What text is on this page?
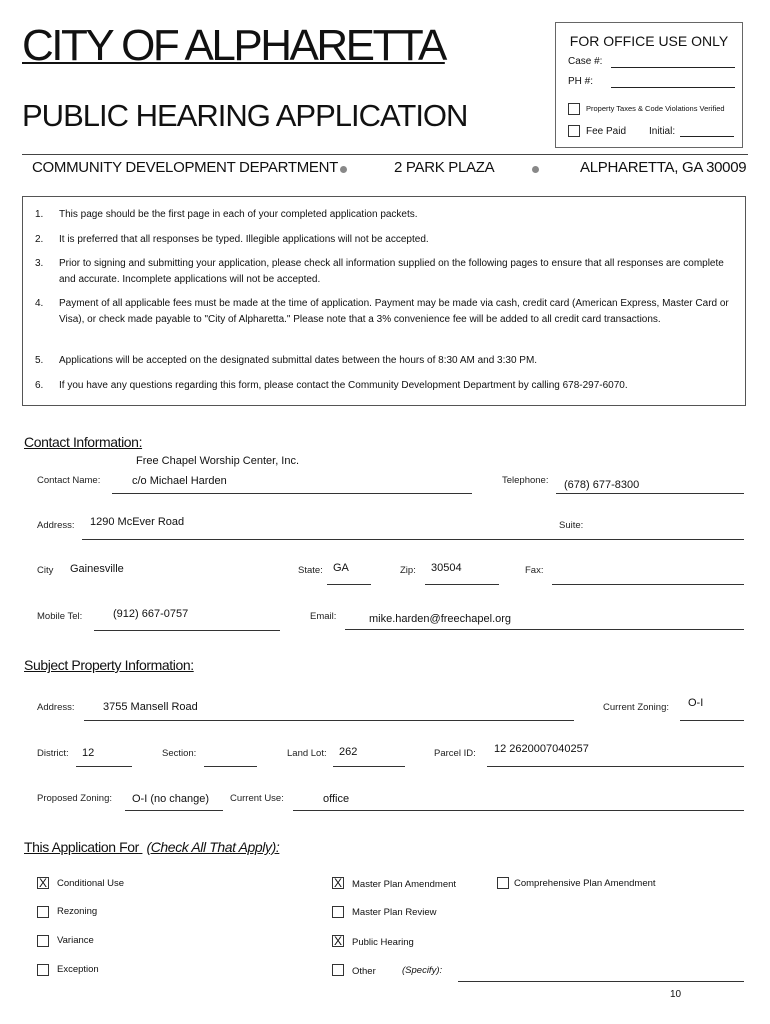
CITY OF ALPHARETTA
PUBLIC HEARING APPLICATION
FOR OFFICE USE ONLY
Case #:
PH #:
Property Taxes & Code Violations Verified
Fee Paid Initial:
COMMUNITY DEVELOPMENT DEPARTMENT	2 PARK PLAZA	ALPHARETTA, GA 30009
1. This page should be the first page in each of your completed application packets.
2. It is preferred that all responses be typed. Illegible applications will not be accepted.
3. Prior to signing and submitting your application, please check all information supplied on the following pages to ensure that all responses are complete and accurate. Incomplete applications will not be accepted.
4. Payment of all applicable fees must be made at the time of application. Payment may be made via cash, credit card (American Express, Master Card or Visa), or check made payable to "City of Alpharetta." Please note that a 3% convenience fee will be added to all credit card transactions.
5. Applications will be accepted on the designated submittal dates between the hours of 8:30 AM and 3:30 PM.
6. If you have any questions regarding this form, please contact the Community Development Department by calling 678-297-6070.
Contact Information:
Free Chapel Worship Center, Inc.
Contact Name:	c/o Michael Harden	Telephone: (678) 677-8300
Address: 1290 McEver Road	Suite:
City Gainesville	State: GA	Zip: 30504	Fax:
Mobile Tel:	(912) 667-0757	Email:	mike.harden@freechapel.org
Subject Property Information:
Address:	3755 Mansell Road	Current Zoning: O-I
District: 12	Section:	Land Lot: 262	Parcel ID: 12 2620007040257
Proposed Zoning: O-I (no change) Current Use:	office
This Application For (Check All That Apply):
X Conditional Use
Rezoning
Variance
Exception
X Master Plan Amendment
Master Plan Review
X Public Hearing
Other	(Specify):
Comprehensive Plan Amendment
10
